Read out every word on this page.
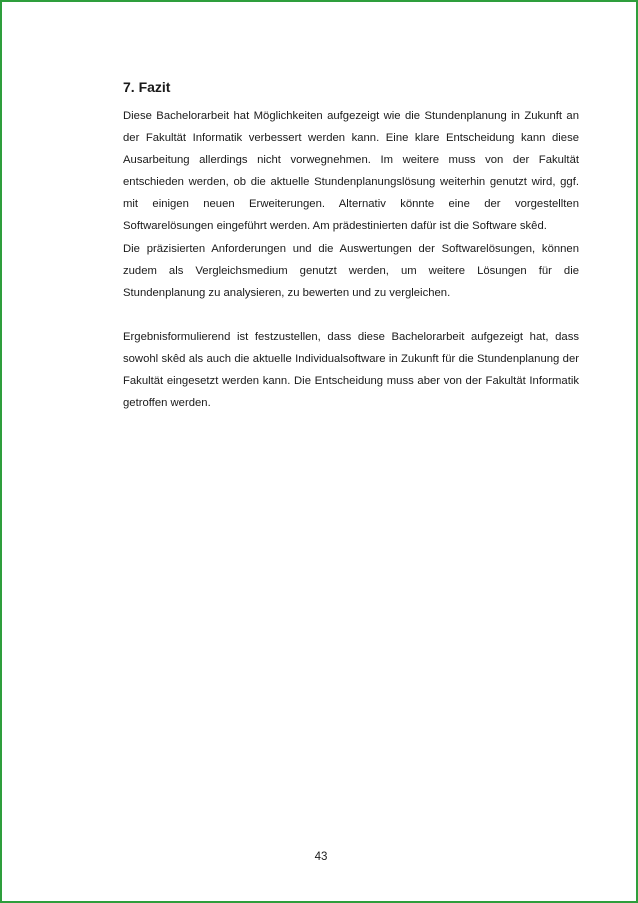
7. Fazit

Diese Bachelorarbeit hat Möglichkeiten aufgezeigt wie die Stundenplanung in Zukunft an der Fakultät Informatik verbessert werden kann. Eine klare Entscheidung kann diese Ausarbeitung allerdings nicht vorwegnehmen. Im weitere muss von der Fakultät entschieden werden, ob die aktuelle Stundenplanungslösung weiterhin genutzt wird, ggf. mit einigen neuen Erweiterungen. Alternativ könnte eine der vorgestellten Softwarelösungen eingeführt werden. Am prädestinierten dafür ist die Software skêd.

Die präzisierten Anforderungen und die Auswertungen der Softwarelösungen, können zudem als Vergleichsmedium genutzt werden, um weitere Lösungen für die Stundenplanung zu analysieren, zu bewerten und zu vergleichen.

Ergebnisformulierend ist festzustellen, dass diese Bachelorarbeit aufgezeigt hat, dass sowohl skêd als auch die aktuelle Individualsoftware in Zukunft für die Stundenplanung der Fakultät eingesetzt werden kann. Die Entscheidung muss aber von der Fakultät Informatik getroffen werden.

43
